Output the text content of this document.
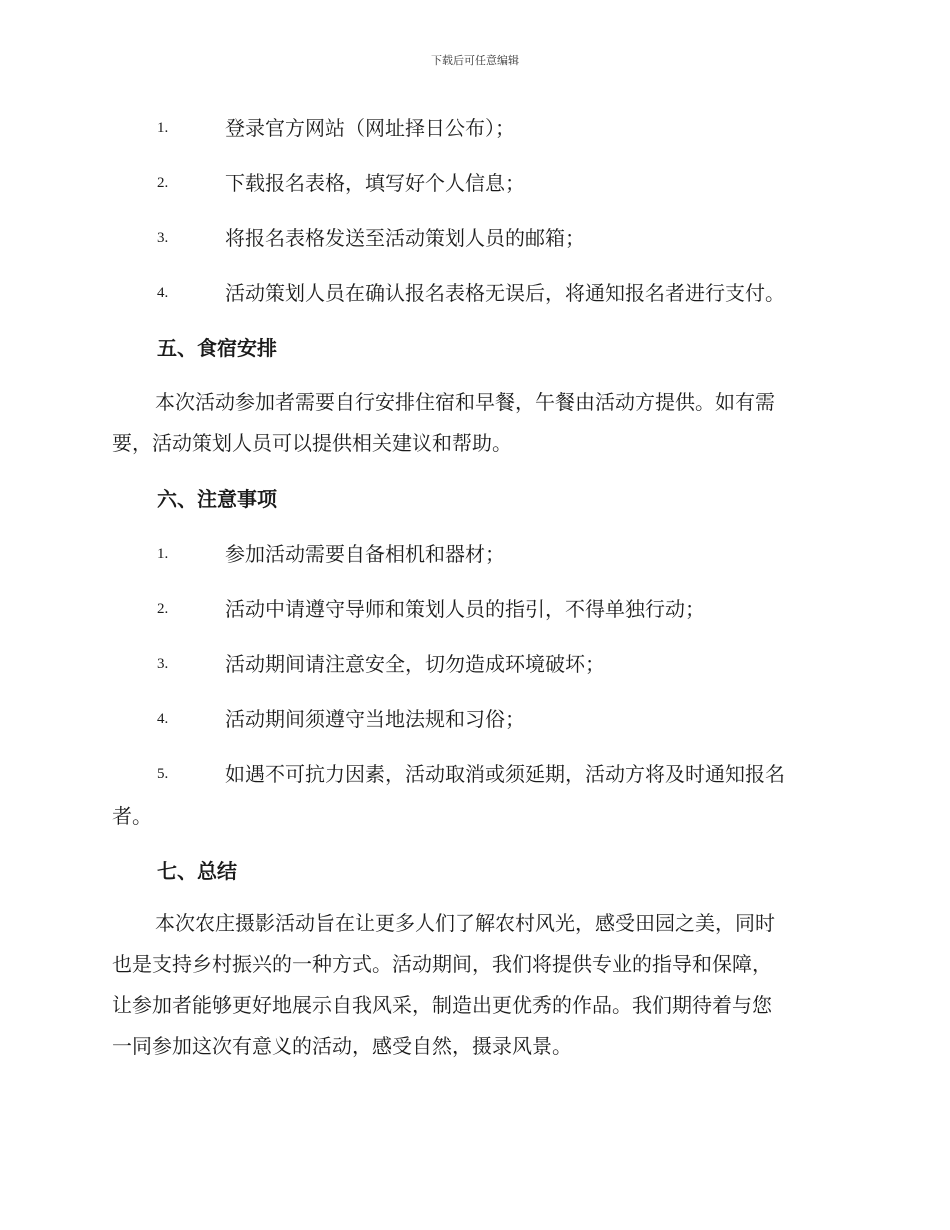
下载后可任意编辑
1.	登录官方网站（网址择日公布）；
2.	下载报名表格，填写好个人信息；
3.	将报名表格发送至活动策划人员的邮箱；
4.	活动策划人员在确认报名表格无误后，将通知报名者进行支付。
五、食宿安排
本次活动参加者需要自行安排住宿和早餐，午餐由活动方提供。如有需
要，活动策划人员可以提供相关建议和帮助。
六、注意事项
1.	参加活动需要自备相机和器材；
2.	活动中请遵守导师和策划人员的指引，不得单独行动；
3.	活动期间请注意安全，切勿造成环境破坏；
4.	活动期间须遵守当地法规和习俗；
5.	如遇不可抗力因素，活动取消或须延期，活动方将及时通知报名
者。
七、总结
本次农庄摄影活动旨在让更多人们了解农村风光，感受田园之美，同时
也是支持乡村振兴的一种方式。活动期间，我们将提供专业的指导和保障，
让参加者能够更好地展示自我风采，制造出更优秀的作品。我们期待着与您
一同参加这次有意义的活动，感受自然，摄录风景。
